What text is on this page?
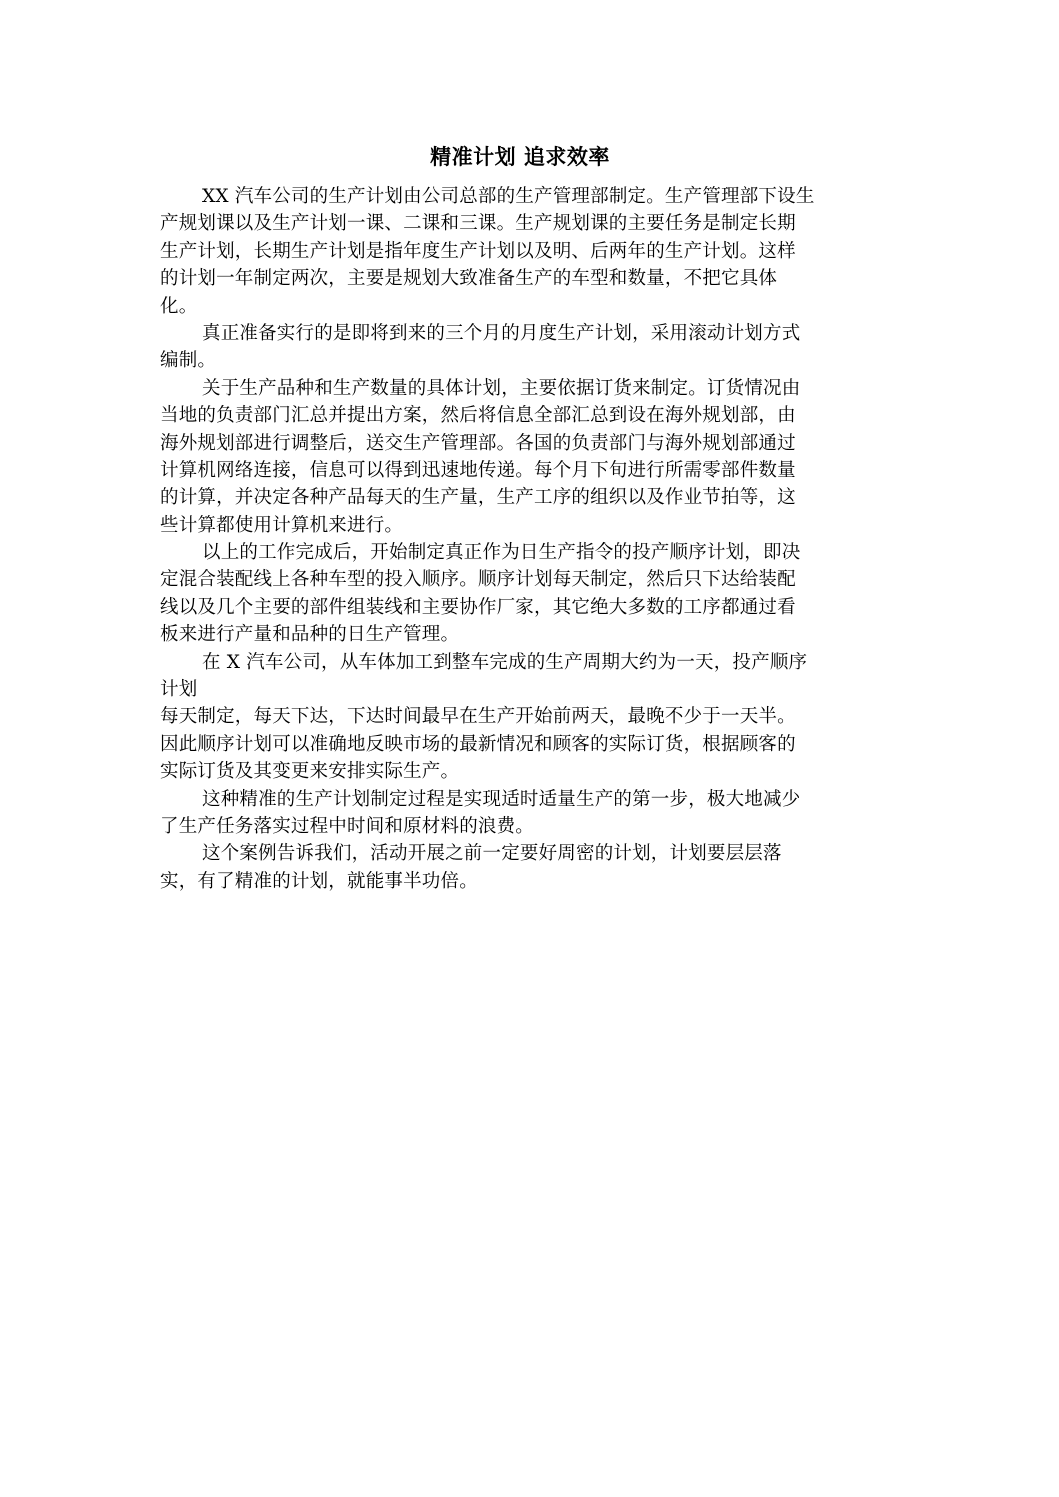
精准计划 追求效率
XX 汽车公司的生产计划由公司总部的生产管理部制定。生产管理部下设生
产规划课以及生产计划一课、二课和三课。生产规划课的主要任务是制定长期
生产计划，长期生产计划是指年度生产计划以及明、后两年的生产计划。这样
的计划一年制定两次，主要是规划大致准备生产的车型和数量，不把它具体
化。
真正准备实行的是即将到来的三个月的月度生产计划，采用滚动计划方式
编制。
关于生产品种和生产数量的具体计划，主要依据订货来制定。订货情况由
当地的负责部门汇总并提出方案，然后将信息全部汇总到设在海外规划部，由
海外规划部进行调整后，送交生产管理部。各国的负责部门与海外规划部通过
计算机网络连接，信息可以得到迅速地传递。每个月下旬进行所需零部件数量
的计算，并决定各种产品每天的生产量，生产工序的组织以及作业节拍等，这
些计算都使用计算机来进行。
以上的工作完成后，开始制定真正作为日生产指令的投产顺序计划，即决
定混合装配线上各种车型的投入顺序。顺序计划每天制定，然后只下达给装配
线以及几个主要的部件组装线和主要协作厂家，其它绝大多数的工序都通过看
板来进行产量和品种的日生产管理。
在 X 汽车公司，从车体加工到整车完成的生产周期大约为一天，投产顺序
计划
每天制定，每天下达，下达时间最早在生产开始前两天，最晚不少于一天半。
因此顺序计划可以准确地反映市场的最新情况和顾客的实际订货，根据顾客的
实际订货及其变更来安排实际生产。
这种精准的生产计划制定过程是实现适时适量生产的第一步，极大地减少
了生产任务落实过程中时间和原材料的浪费。
这个案例告诉我们，活动开展之前一定要好周密的计划，计划要层层落
实，有了精准的计划，就能事半功倍。
